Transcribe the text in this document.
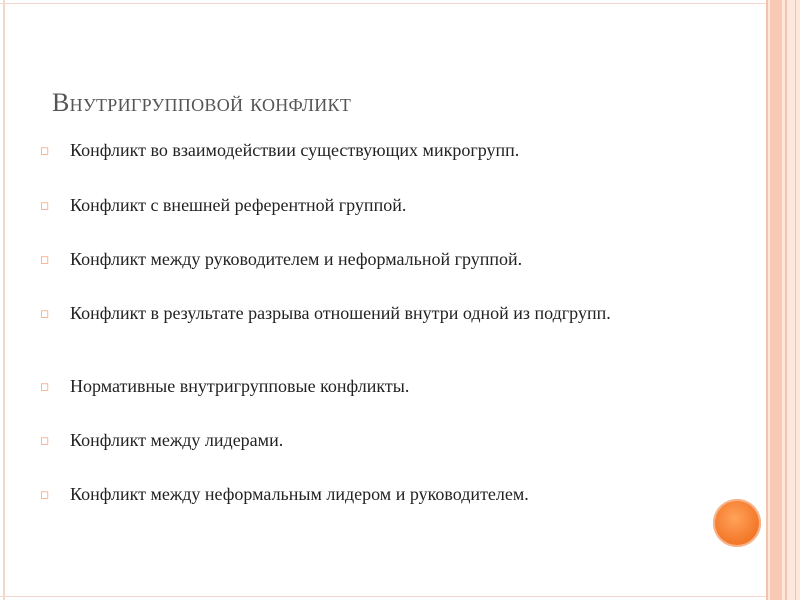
Внутригрупповой конфликт
◻	Конфликт во взаимодействии существующих микрогрупп.
◻	Конфликт с внешней референтной группой.
◻	Конфликт между руководителем и неформальной группой.
◻	Конфликт в результате разрыва отношений внутри одной из подгрупп.
◻	Нормативные внутригрупповые конфликты.
◻	Конфликт между лидерами.
◻	Конфликт между неформальным лидером и руководителем.
